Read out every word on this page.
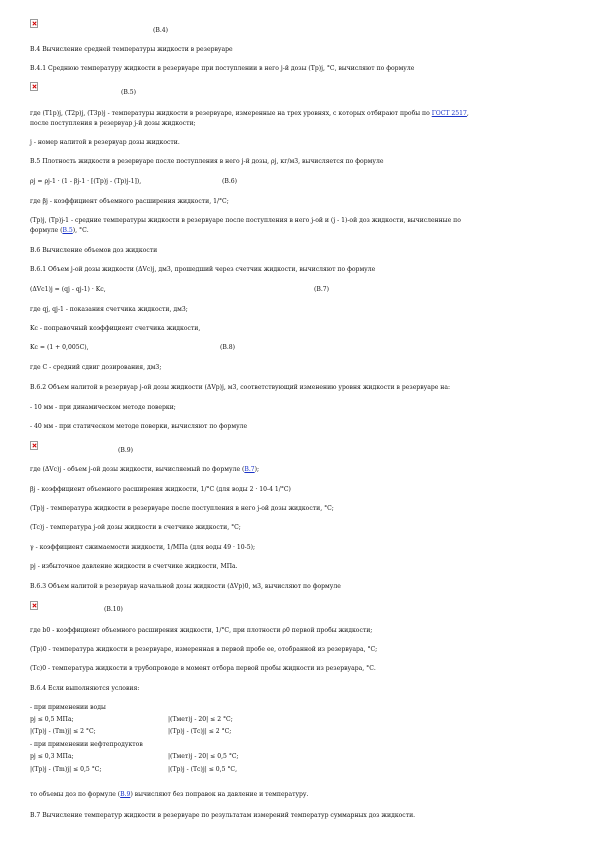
(В.4)
В.4 Вычисление средней температуры жидкости в резервуаре
В.4.1 Среднюю температуру жидкости в резервуаре при поступлении в него j-й дозы (Tр)j, °С, вычисляют по формуле
(В.5)
где (T1р)j, (T2р)j, (T3р)j - температуры жидкости в резервуаре, измеренные на трех уровнях, с которых отбирают пробы по ГОСТ 2517,
после поступления в резервуар j-й дозы жидкости;
j - номер налитой в резервуар дозы жидкости.
В.5 Плотность жидкости в резервуаре после поступления в него j-й дозы, ρj, кг/м3, вычисляется по формуле
ρj = ρj-1 · (1 - βj-1 · [(Tр)j - (Tр)j-1]),	(В.6)
где βj - коэффициент объемного расширения жидкости, 1/°С;
(Tр)j, (Tр)j-1 - средние температуры жидкости в резервуаре после поступления в него j-ой и (j - 1)-ой доз жидкости, вычисленные по
формуле (В.5), °С.
В.6 Вычисление объемов доз жидкости
В.6.1 Объем j-ой дозы жидкости (ΔVc)j, дм3, прошедший через счетчик жидкости, вычисляют по формуле
(ΔVc1)j = (qj - qj-1) · Kс,	(В.7)
где qj, qj-1 - показания счетчика жидкости, дм3;
Kс - поправочный коэффициент счетчика жидкости,
Kс = (1 + 0,005C),	(В.8)
где C - средний сдвиг дозирования, дм3;
В.6.2 Объем налитой в резервуар j-ой дозы жидкости (ΔVр)j, м3, соответствующий изменению уровня жидкости в резервуаре на:
- 10 мм - при динамическом методе поверки;
- 40 мм - при статическом методе поверки, вычисляют по формуле
(В.9)
где (ΔVc)j - объем j-ой дозы жидкости, вычисляемый по формуле (В.7);
βj - коэффициент объемного расширения жидкости, 1/°С (для воды 2 · 10-4 1/°С)
(Tр)j - температура жидкости в резервуаре после поступления в него j-ой дозы жидкости, °С;
(Tс)j - температура j-ой дозы жидкости в счетчике жидкости, °С;
γ - коэффициент сжимаемости жидкости, 1/МПа (для воды 49 · 10-5);
pj - избыточное давление жидкости в счетчике жидкости, МПа.
В.6.3 Объем налитой в резервуар начальной дозы жидкости (ΔVр)0, м3, вычисляют по формуле
(В.10)
где b0 - коэффициент объемного расширения жидкости, 1/°С, при плотности ρ0 первой пробы жидкости;
(Tр)0 - температура жидкости в резервуаре, измеренная в первой пробе ее, отобранной из резервуара, °С;
(Tс)0 - температура жидкости в трубопроводе в момент отбора первой пробы жидкости из резервуара, °С.
В.6.4 Если выполняются условия:
- при применении воды
pj ≤ 0,5 МПа;	|(Tмет)j - 20| ≤ 2 °С;
|(Tр)j - (Tm)j| ≤ 2 °С;	|(Tр)j - (Tс)j| ≤ 2 °С;
- при применении нефтепродуктов
pj ≤ 0,3 МПа;	|(Tмет)j - 20| ≤ 0,5 °С;
|(Tр)j - (Tm)j| ≤ 0,5 °С;	|(Tр)j - (Tс)j| ≤ 0,5 °С,
то объемы доз по формуле (В.9) вычисляют без поправок на давление и температуру.
В.7 Вычисление температур жидкости в резервуаре по результатам измерений температур суммарных доз жидкости.
